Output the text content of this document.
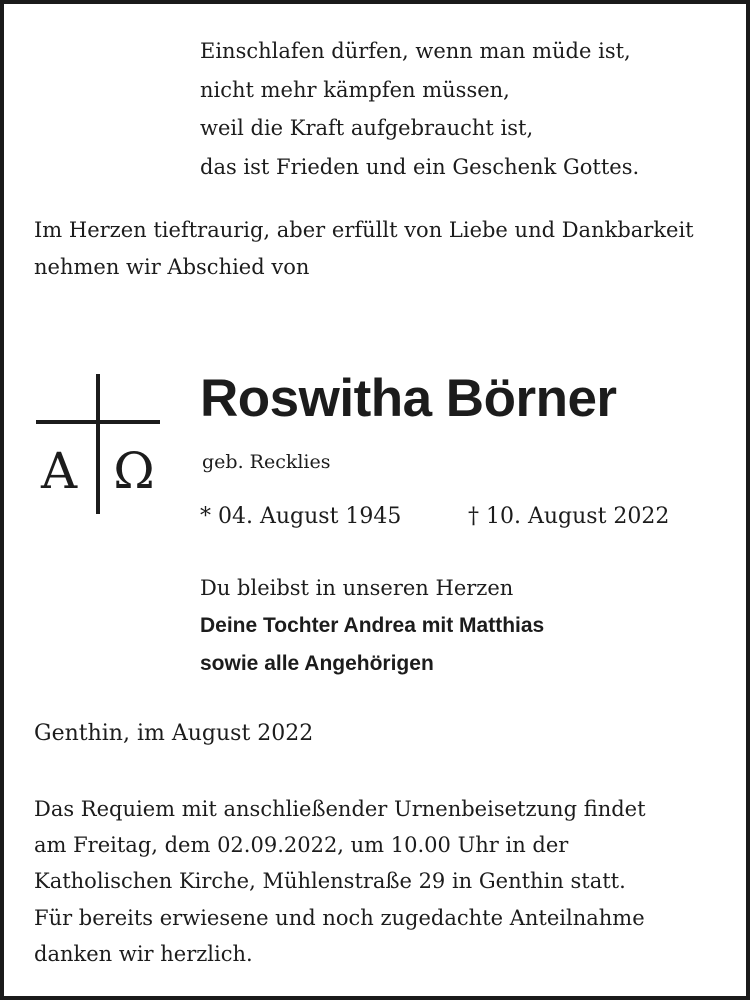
Einschlafen dürfen, wenn man müde ist,
nicht mehr kämpfen müssen,
weil die Kraft aufgebraucht ist,
das ist Frieden und ein Geschenk Gottes.
Im Herzen tieftraurig, aber erfüllt von Liebe und Dankbarkeit
nehmen wir Abschied von
A Ω
Roswitha Börner
geb. Recklies
* 04. August 1945	† 10. August 2022
Du bleibst in unseren Herzen
Deine Tochter Andrea mit Matthias
sowie alle Angehörigen
Genthin, im August 2022
Das Requiem mit anschließender Urnenbeisetzung findet
am Freitag, dem 02.09.2022, um 10.00 Uhr in der
Katholischen Kirche, Mühlenstraße 29 in Genthin statt.
Für bereits erwiesene und noch zugedachte Anteilnahme
danken wir herzlich.
